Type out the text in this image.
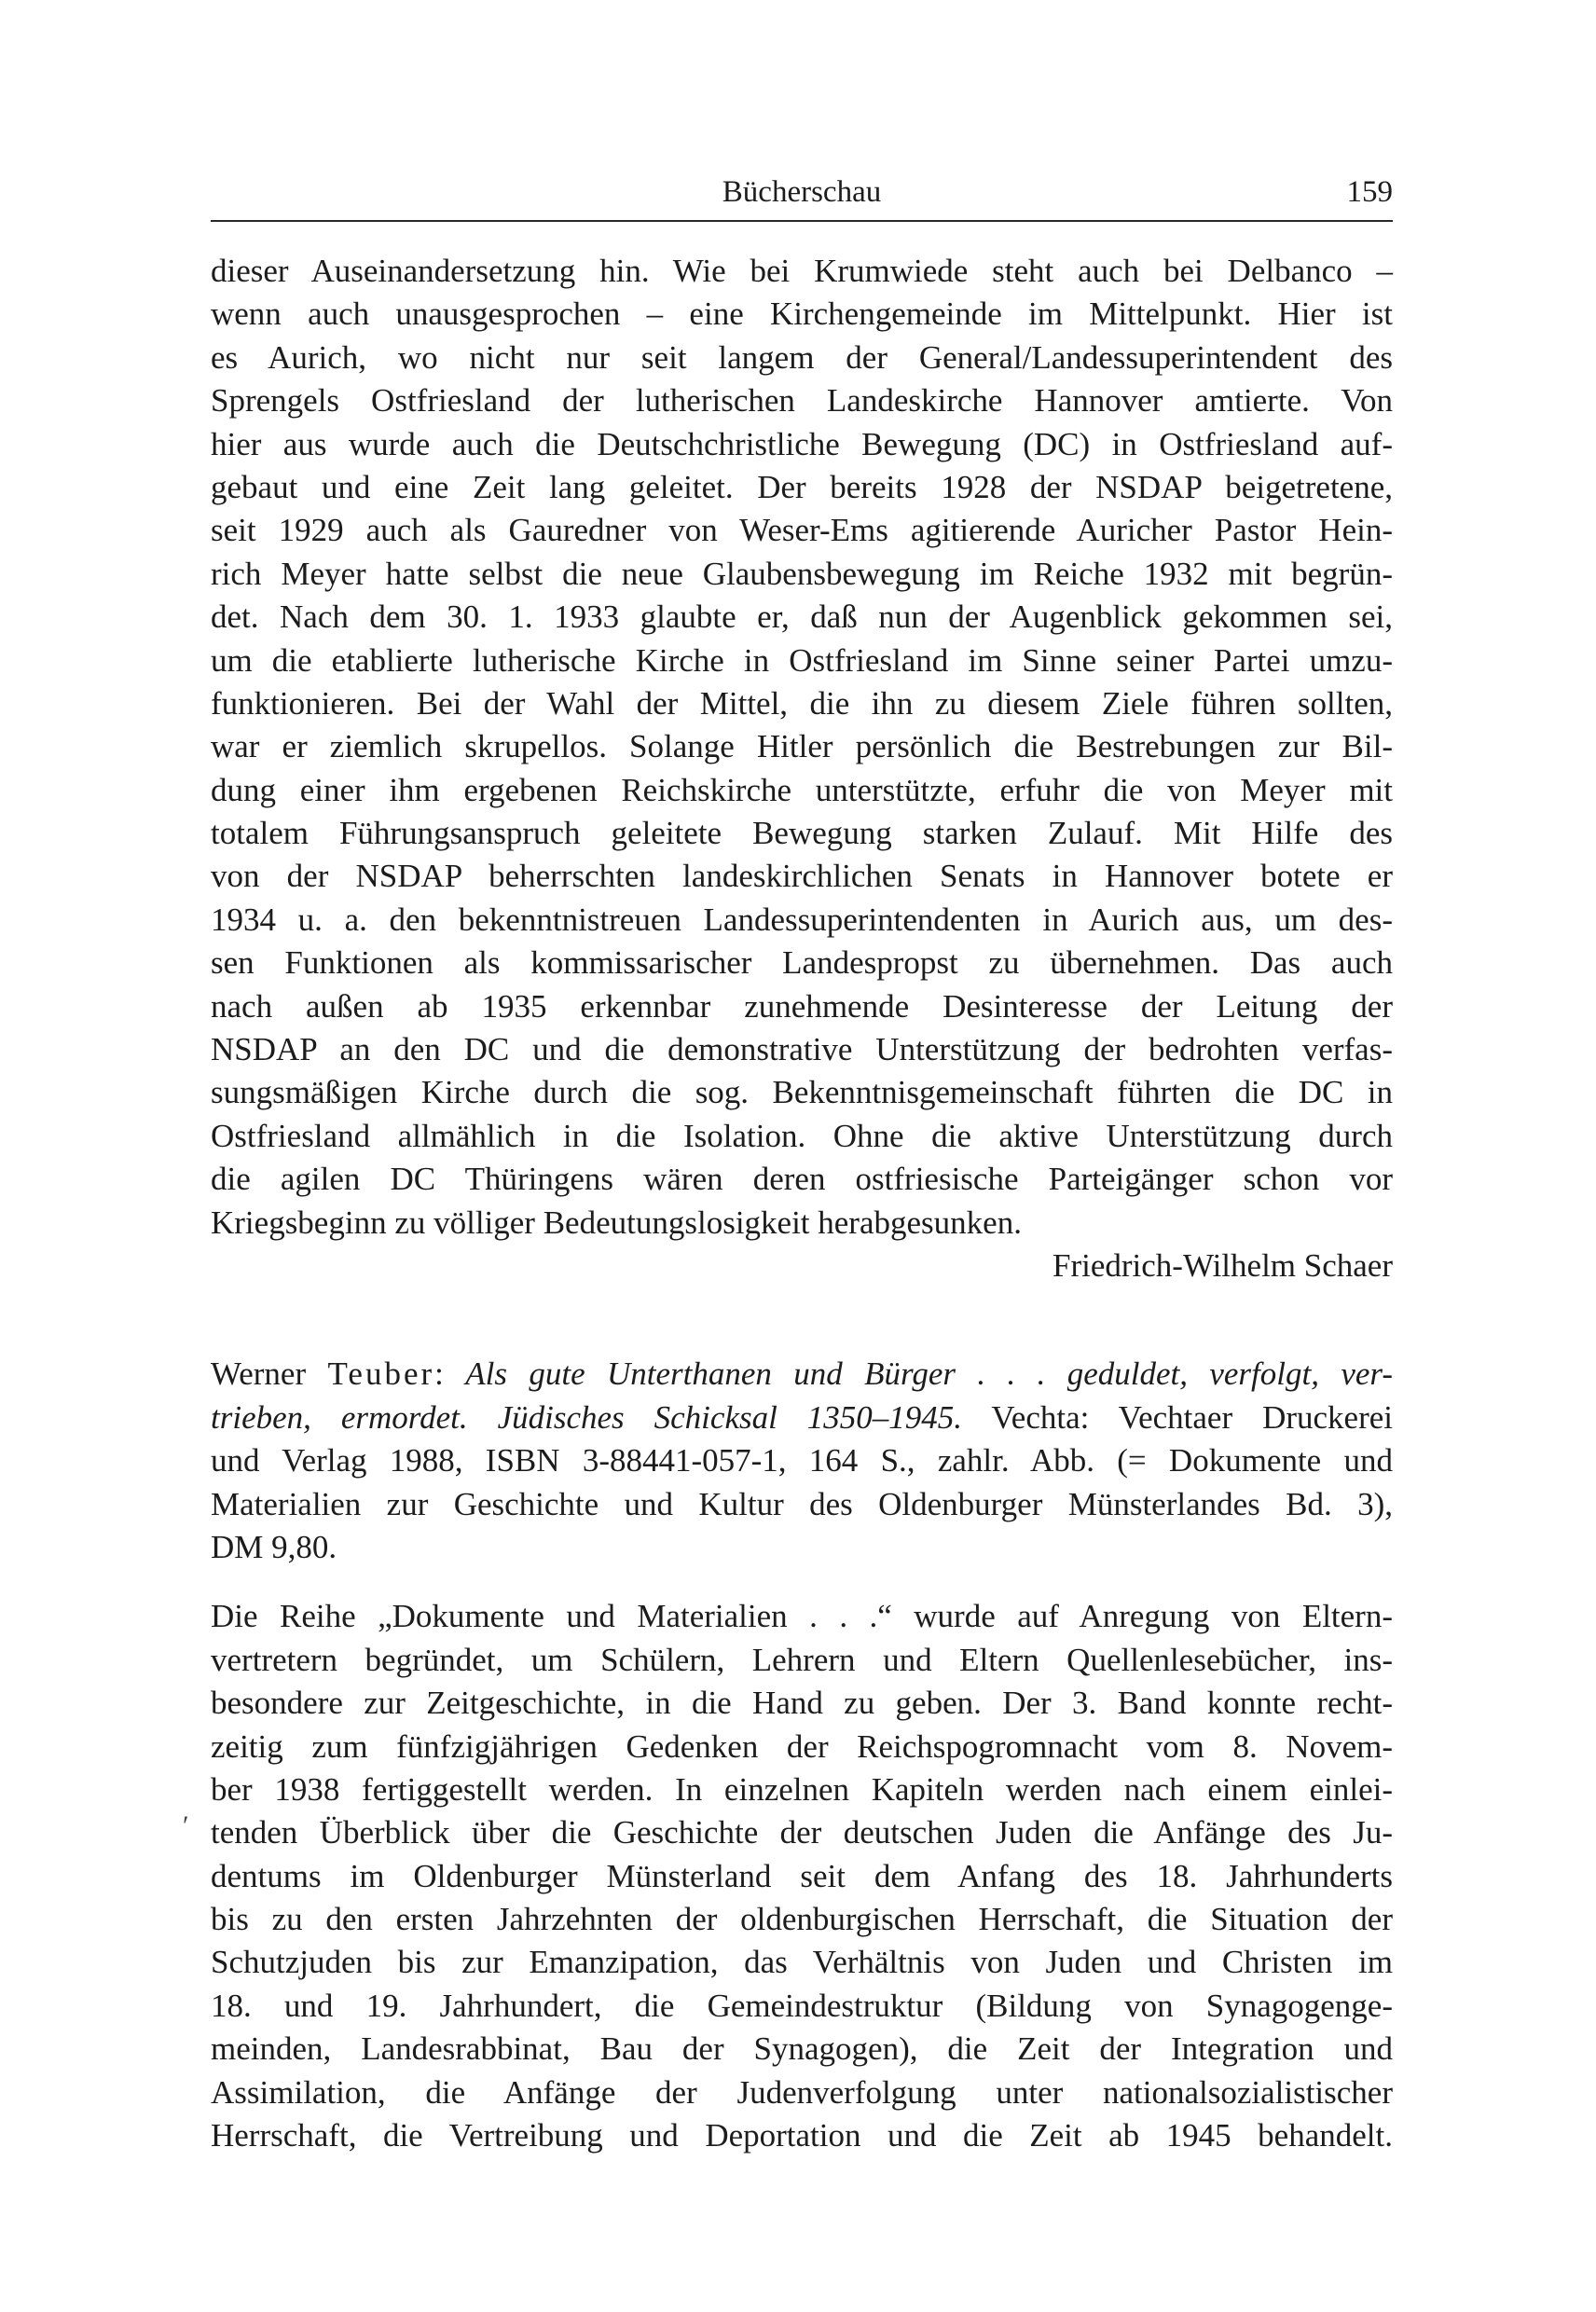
Bücherschau	159
dieser Auseinandersetzung hin. Wie bei Krumwiede steht auch bei Delbanco –
wenn auch unausgesprochen – eine Kirchengemeinde im Mittelpunkt. Hier ist
es Aurich, wo nicht nur seit langem der General/Landessuperintendent des
Sprengels Ostfriesland der lutherischen Landeskirche Hannover amtierte. Von
hier aus wurde auch die Deutschchristliche Bewegung (DC) in Ostfriesland auf-
gebaut und eine Zeit lang geleitet. Der bereits 1928 der NSDAP beigetretene,
seit 1929 auch als Gauredner von Weser-Ems agitierende Auricher Pastor Hein-
rich Meyer hatte selbst die neue Glaubensbewegung im Reiche 1932 mit begrün-
det. Nach dem 30. 1. 1933 glaubte er, daß nun der Augenblick gekommen sei,
um die etablierte lutherische Kirche in Ostfriesland im Sinne seiner Partei umzu-
funktionieren. Bei der Wahl der Mittel, die ihn zu diesem Ziele führen sollten,
war er ziemlich skrupellos. Solange Hitler persönlich die Bestrebungen zur Bil-
dung einer ihm ergebenen Reichskirche unterstützte, erfuhr die von Meyer mit
totalem Führungsanspruch geleitete Bewegung starken Zulauf. Mit Hilfe des
von der NSDAP beherrschten landeskirchlichen Senats in Hannover botete er
1934 u. a. den bekenntnistreuen Landessuperintendenten in Aurich aus, um des-
sen Funktionen als kommissarischer Landespropst zu übernehmen. Das auch
nach außen ab 1935 erkennbar zunehmende Desinteresse der Leitung der
NSDAP an den DC und die demonstrative Unterstützung der bedrohten verfas-
sungsmäßigen Kirche durch die sog. Bekenntnisgemeinschaft führten die DC in
Ostfriesland allmählich in die Isolation. Ohne die aktive Unterstützung durch
die agilen DC Thüringens wären deren ostfriesische Parteigänger schon vor
Kriegsbeginn zu völliger Bedeutungslosigkeit herabgesunken.
Friedrich-Wilhelm Schaer
Werner Teuber: Als gute Unterthanen und Bürger . . . geduldet, verfolgt, ver-
trieben, ermordet. Jüdisches Schicksal 1350–1945. Vechta: Vechtaer Druckerei
und Verlag 1988, ISBN 3-88441-057-1, 164 S., zahlr. Abb. (= Dokumente und
Materialien zur Geschichte und Kultur des Oldenburger Münsterlandes Bd. 3),
DM 9,80.
Die Reihe „Dokumente und Materialien . . .“ wurde auf Anregung von Eltern-
vertretern begründet, um Schülern, Lehrern und Eltern Quellenlesebücher, ins-
besondere zur Zeitgeschichte, in die Hand zu geben. Der 3. Band konnte recht-
zeitig zum fünfzigjährigen Gedenken der Reichspogromnacht vom 8. Novem-
ber 1938 fertiggestellt werden. In einzelnen Kapiteln werden nach einem einlei-
tenden Überblick über die Geschichte der deutschen Juden die Anfänge des Ju-
dentums im Oldenburger Münsterland seit dem Anfang des 18. Jahrhunderts
bis zu den ersten Jahrzehnten der oldenburgischen Herrschaft, die Situation der
Schutzjuden bis zur Emanzipation, das Verhältnis von Juden und Christen im
18. und 19. Jahrhundert, die Gemeindestruktur (Bildung von Synagogenge-
meinden, Landesrabbinat, Bau der Synagogen), die Zeit der Integration und
Assimilation, die Anfänge der Judenverfolgung unter nationalsozialistischer
Herrschaft, die Vertreibung und Deportation und die Zeit ab 1945 behandelt.
′
